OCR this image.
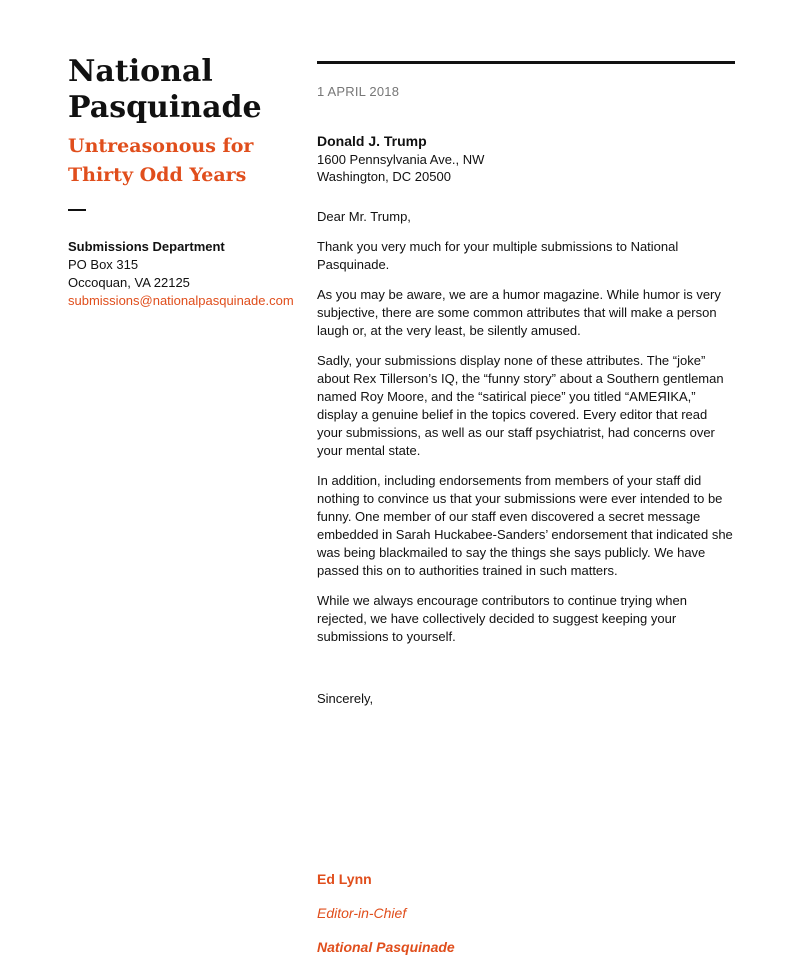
National
Pasquinade
Untreasonous for
Thirty Odd Years
Submissions Department
PO Box 315
Occoquan, VA 22125
submissions@nationalpasquinade.com
1 APRIL 2018
Donald J. Trump
1600 Pennsylvania Ave., NW
Washington, DC 20500
Dear Mr. Trump,

Thank you very much for your multiple submissions to National Pasquinade.

As you may be aware, we are a humor magazine. While humor is very subjective, there are some common attributes that will make a person laugh or, at the very least, be silently amused.

Sadly, your submissions display none of these attributes. The “joke” about Rex Tillerson’s IQ, the “funny story” about a Southern gentleman named Roy Moore, and the “satirical piece” you titled “AMEЯIKA,” display a genuine belief in the topics covered. Every editor that read your submissions, as well as our staff psychiatrist, had concerns over your mental state.

In addition, including endorsements from members of your staff did nothing to convince us that your submissions were ever intended to be funny. One member of our staff even discovered a secret message embedded in Sarah Huckabee-Sanders’ endorsement that indicated she was being blackmailed to say the things she says publicly. We have passed this on to authorities trained in such matters.

While we always encourage contributors to continue trying when rejected, we have collectively decided to suggest keeping your submissions to yourself.

Sincerely,
Ed Lynn
Editor-in-Chief
National Pasquinade
